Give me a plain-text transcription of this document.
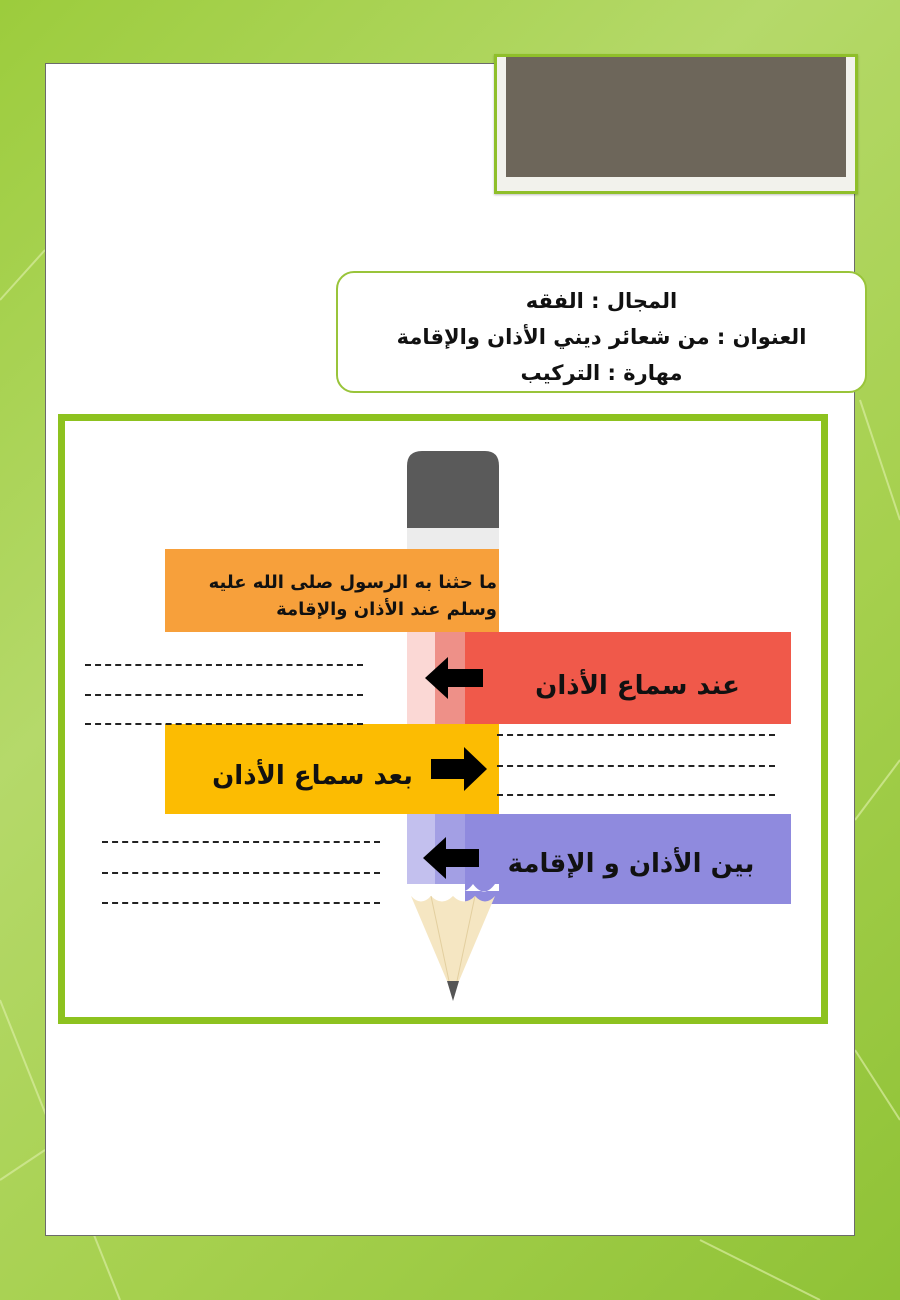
المجال : الفقه
العنوان : من شعائر ديني الأذان والإقامة
مهارة : التركيب
ما حثنا به الرسول صلى الله عليه وسلم عند الأذان والإقامة
عند سماع الأذان
بعد سماع الأذان
بين الأذان و الإقامة
